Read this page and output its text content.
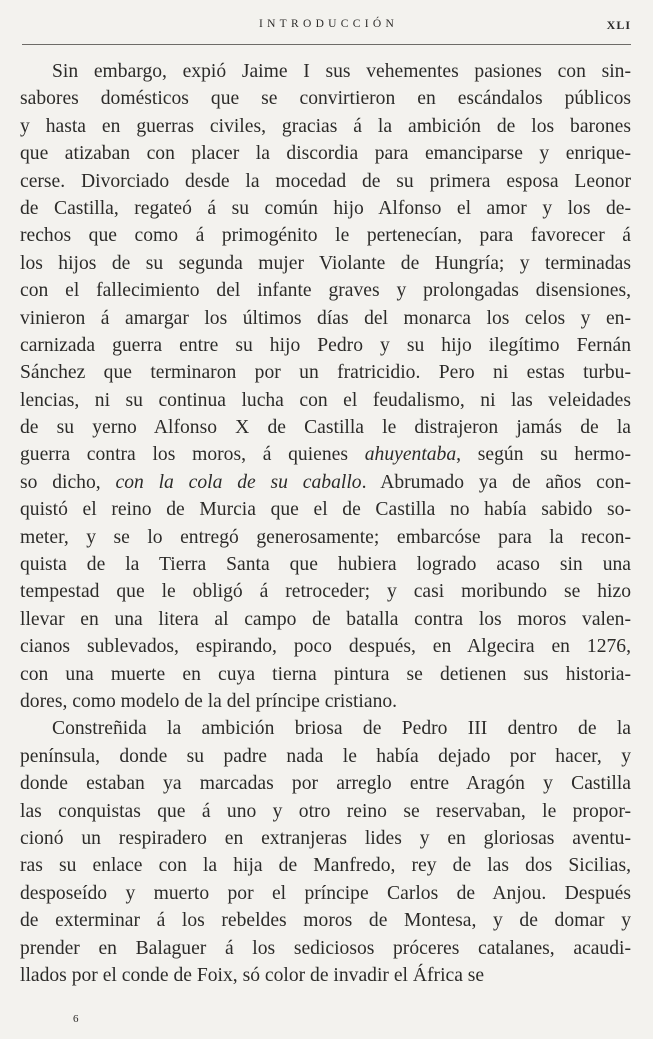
INTRODUCCIÓN	XLI
Sin embargo, expió Jaime I sus vehementes pasiones con sin-
sabores domésticos que se convirtieron en escándalos públicos
y hasta en guerras civiles, gracias á la ambición de los barones
que atizaban con placer la discordia para emanciparse y enrique-
cerse. Divorciado desde la mocedad de su primera esposa Leonor
de Castilla, regateó á su común hijo Alfonso el amor y los de-
rechos que como á primogénito le pertenecían, para favorecer á
los hijos de su segunda mujer Violante de Hungría; y terminadas
con el fallecimiento del infante graves y prolongadas disensiones,
vinieron á amargar los últimos días del monarca los celos y en-
carnizada guerra entre su hijo Pedro y su hijo ilegítimo Fernán
Sánchez que terminaron por un fratricidio. Pero ni estas turbu-
lencias, ni su continua lucha con el feudalismo, ni las veleidades
de su yerno Alfonso X de Castilla le distrajeron jamás de la
guerra contra los moros, á quienes ahuyentaba, según su hermo-
so dicho, con la cola de su caballo. Abrumado ya de años con-
quistó el reino de Murcia que el de Castilla no había sabido so-
meter, y se lo entregó generosamente; embarcóse para la recon-
quista de la Tierra Santa que hubiera logrado acaso sin una
tempestad que le obligó á retroceder; y casi moribundo se hizo
llevar en una litera al campo de batalla contra los moros valen-
cianos sublevados, espirando, poco después, en Algecira en 1276,
con una muerte en cuya tierna pintura se detienen sus historia-
dores, como modelo de la del príncipe cristiano.
Constreñida la ambición briosa de Pedro III dentro de la
península, donde su padre nada le había dejado por hacer, y
donde estaban ya marcadas por arreglo entre Aragón y Castilla
las conquistas que á uno y otro reino se reservaban, le propor-
cionó un respiradero en extranjeras lides y en gloriosas aventu-
ras su enlace con la hija de Manfredo, rey de las dos Sicilias,
desposeído y muerto por el príncipe Carlos de Anjou. Después
de exterminar á los rebeldes moros de Montesa, y de domar y
prender en Balaguer á los sediciosos próceres catalanes, acaudi-
llados por el conde de Foix, só color de invadir el África se
6
